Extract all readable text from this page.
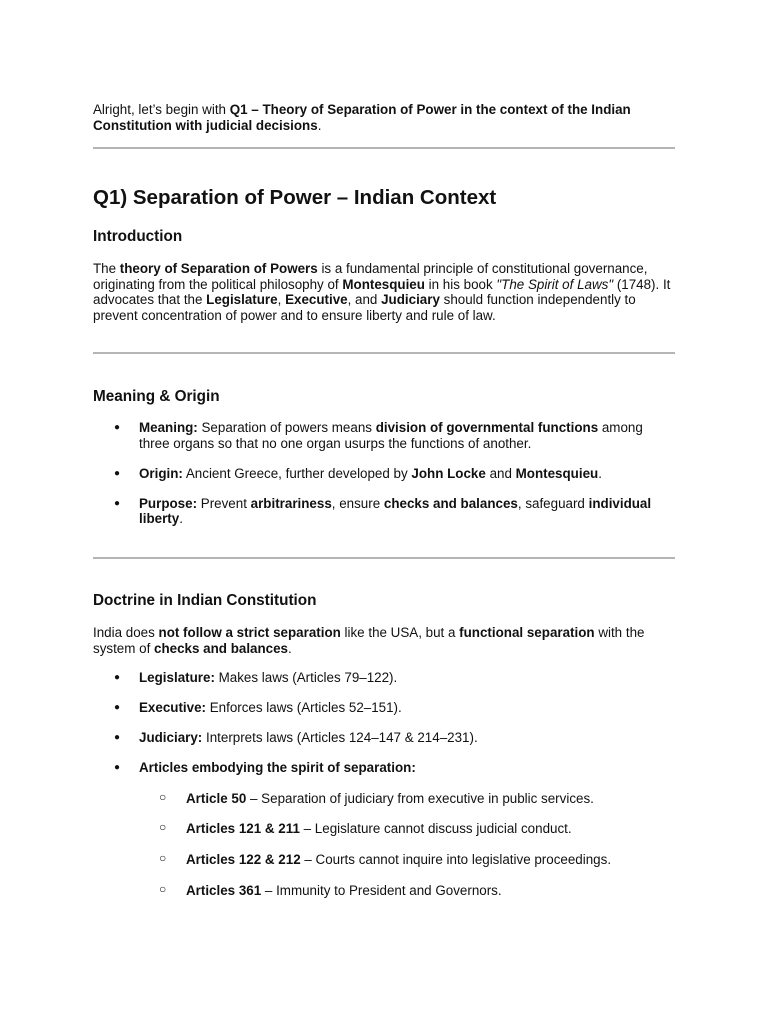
Alright, let’s begin with Q1 – Theory of Separation of Power in the context of the Indian Constitution with judicial decisions.

Q1) Separation of Power – Indian Context
Introduction

The theory of Separation of Powers is a fundamental principle of constitutional governance, originating from the political philosophy of Montesquieu in his book "The Spirit of Laws" (1748). It advocates that the Legislature, Executive, and Judiciary should function independently to prevent concentration of power and to ensure liberty and rule of law.

Meaning & Origin
● Meaning: Separation of powers means division of governmental functions among three organs so that no one organ usurps the functions of another.
● Origin: Ancient Greece, further developed by John Locke and Montesquieu.
● Purpose: Prevent arbitrariness, ensure checks and balances, safeguard individual liberty.
Doctrine in Indian Constitution

India does not follow a strict separation like the USA, but a functional separation with the system of checks and balances.

● Legislature: Makes laws (Articles 79–122).
● Executive: Enforces laws (Articles 52–151).
● Judiciary: Interprets laws (Articles 124–147 & 214–231).
● Articles embodying the spirit of separation:
○ Article 50 – Separation of judiciary from executive in public services.
○ Articles 121 & 211 – Legislature cannot discuss judicial conduct.
○ Articles 122 & 212 – Courts cannot inquire into legislative proceedings.
○ Articles 361 – Immunity to President and Governors.
